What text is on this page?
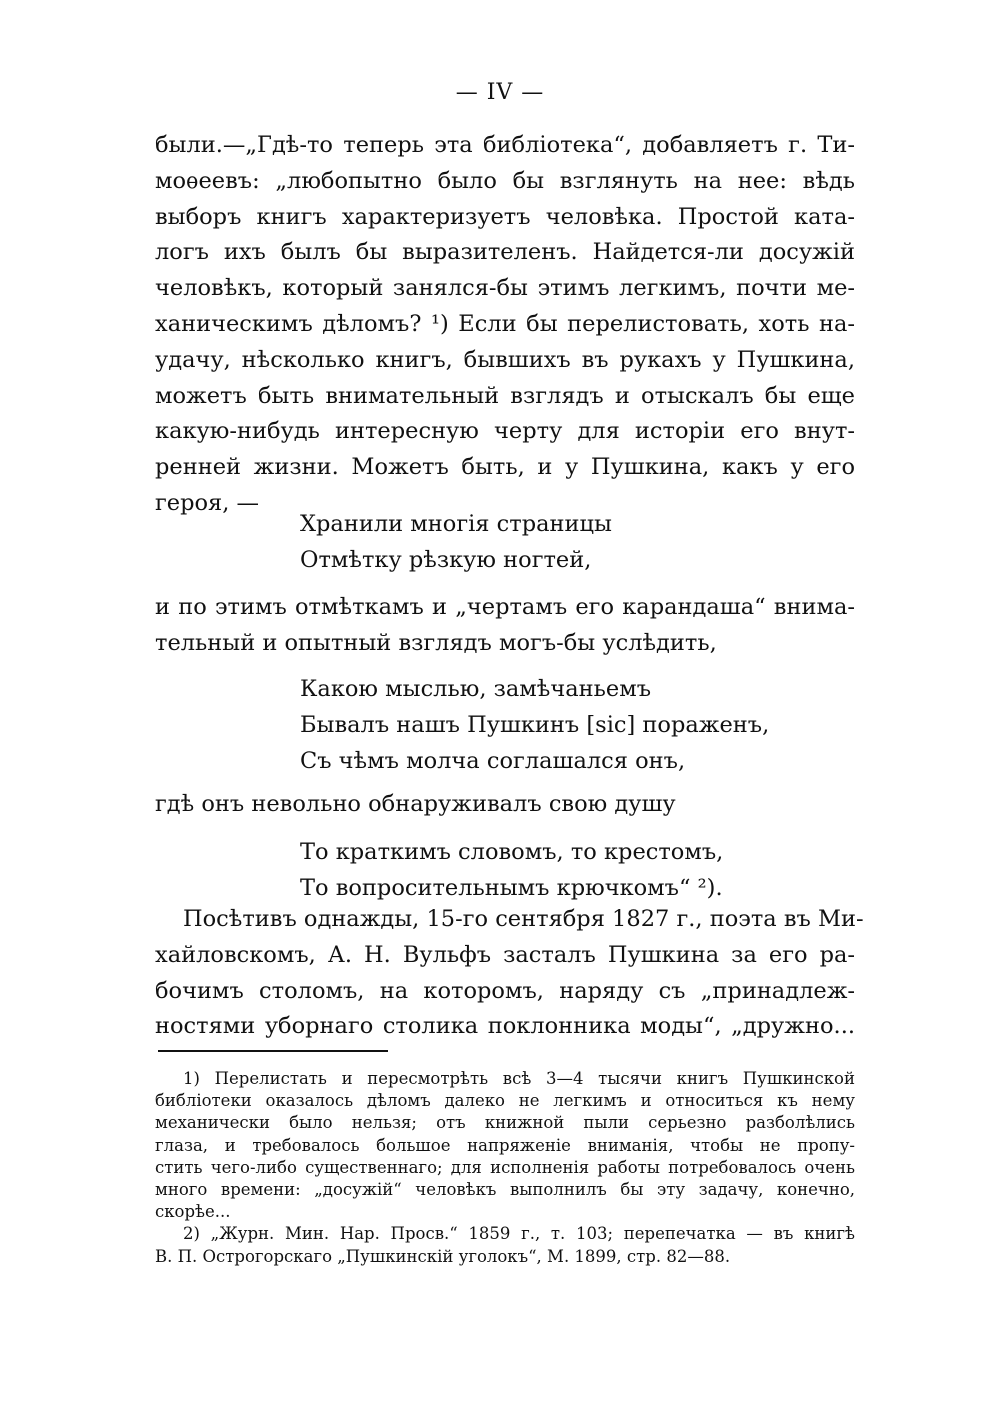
— IV —
были.—„Гдѣ-то теперь эта библіотека“, добавляетъ г. Ти-
моѳеевъ: „любопытно было бы взглянуть на нее: вѣдь
выборъ книгъ характеризуетъ человѣка. Простой ката-
логъ ихъ былъ бы выразителенъ. Найдется-ли досужій
человѣкъ, который занялся-бы этимъ легкимъ, почти ме-
ханическимъ дѣломъ? ¹) Если бы перелистовать, хоть на-
удачу, нѣсколько книгъ, бывшихъ въ рукахъ у Пушкина,
можетъ быть внимательный взглядъ и отыскалъ бы еще
какую-нибудь интересную черту для исторіи его внут-
ренней жизни. Можетъ быть, и у Пушкина, какъ у его
героя, —
Хранили многія страницы
Отмѣтку рѣзкую ногтей,
и по этимъ отмѣткамъ и „чертамъ его карандаша“ внима-
тельный и опытный взглядъ могъ-бы услѣдить,
Какою мыслью, замѣчаньемъ
Бывалъ нашъ Пушкинъ [sic] пораженъ,
Съ чѣмъ молча соглашался онъ,
гдѣ онъ невольно обнаруживалъ свою душу
То краткимъ словомъ, то крестомъ,
То вопросительнымъ крючкомъ“ ²).
Посѣтивъ однажды, 15-го сентября 1827 г., поэта въ Ми-
хайловскомъ, А. Н. Вульфъ засталъ Пушкина за его ра-
бочимъ столомъ, на которомъ, наряду съ „принадлеж-
ностями уборнаго столика поклонника моды“, „дружно...
1) Перелистать и пересмотрѣть всѣ 3—4 тысячи книгъ Пушкинской
библіотеки оказалось дѣломъ далеко не легкимъ и относиться къ нему
механически было нельзя; отъ книжной пыли серьезно разболѣлись
глаза, и требовалось большое напряженіе вниманія, чтобы не пропу-
стить чего-либо существеннаго; для исполненія работы потребовалось очень
много времени: „досужій“ человѣкъ выполнилъ бы эту задачу, конечно,
скорѣе...
2) „Журн. Мин. Нар. Просв.“ 1859 г., т. 103; перепечатка — въ книгѣ
В. П. Острогорскаго „Пушкинскій уголокъ“, М. 1899, стр. 82—88.
